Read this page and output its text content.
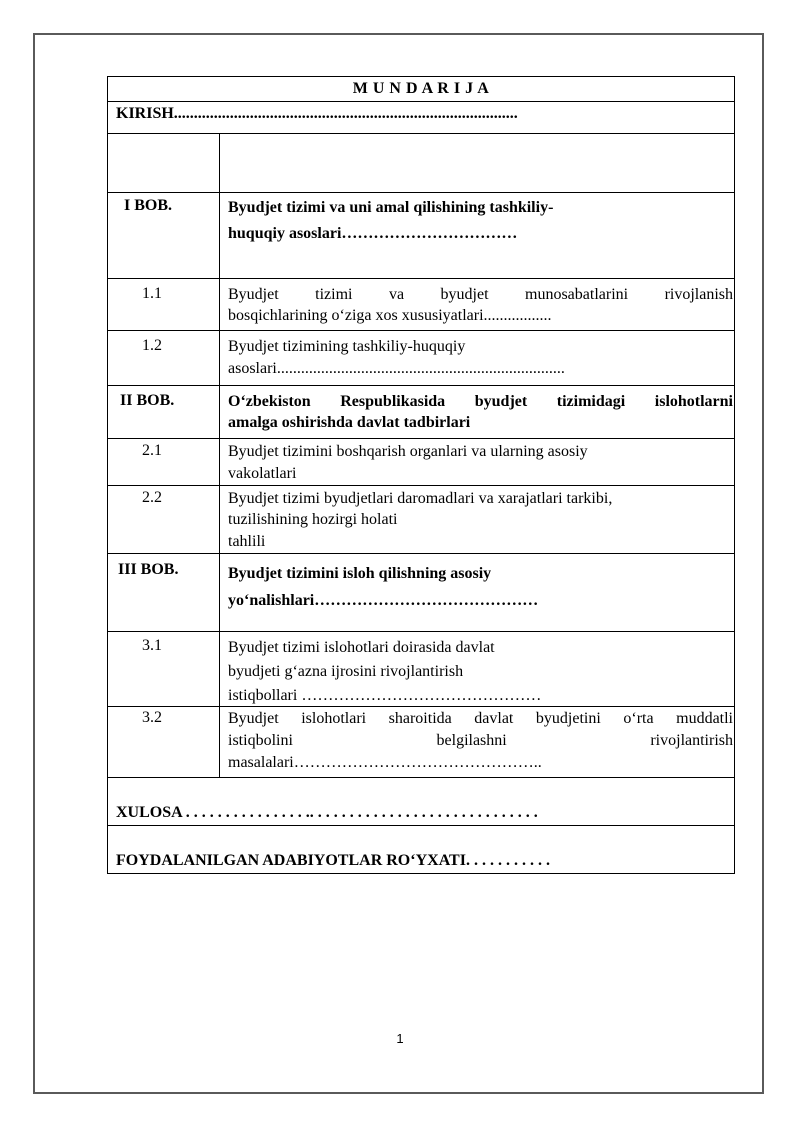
M U N D A R I J A
KIRISH......................................................................................
I BOB.	Byudjet tizimi va uni amal qilishining tashkiliy-
huquqiy asoslari……………………………
1.1	Byudjet tizimi va byudjet munosabatlarini rivojlanish
bosqichlarining o‘ziga xos xususiyatlari.................
1.2	Byudjet tizimining tashkiliy-huquqiy
asoslari........................................................................
II BOB.	O‘zbekiston Respublikasida byudjet tizimidagi islohotlarni
amalga oshirishda davlat tadbirlari
2.1	Byudjet tizimini boshqarish organlari va ularning asosiy
vakolatlari
2.2	Byudjet tizimi byudjetlari daromadlari va xarajatlari tarkibi,
tuzilishining hozirgi holati
tahlili
III BOB.	Byudjet tizimini isloh qilishning asosiy
yo‘nalishlari……………………………………
3.1	Byudjet tizimi islohotlari doirasida davlat
byudjeti g‘azna ijrosini rivojlantirish
istiqbollari ………………………………………
3.2	Byudjet islohotlari sharoitida davlat byudjetini o‘rta muddatli
istiqbolini belgilashni rivojlantirish
masalalari………………………………………..
XULOSA . . . . . . . . . . . . . . . .. . . . . . . . . . . . . . . . . . . . . . . . . . . . .
FOYDALANILGAN ADABIYOTLAR RO‘YXATI. . . . . . . . . . .
1
